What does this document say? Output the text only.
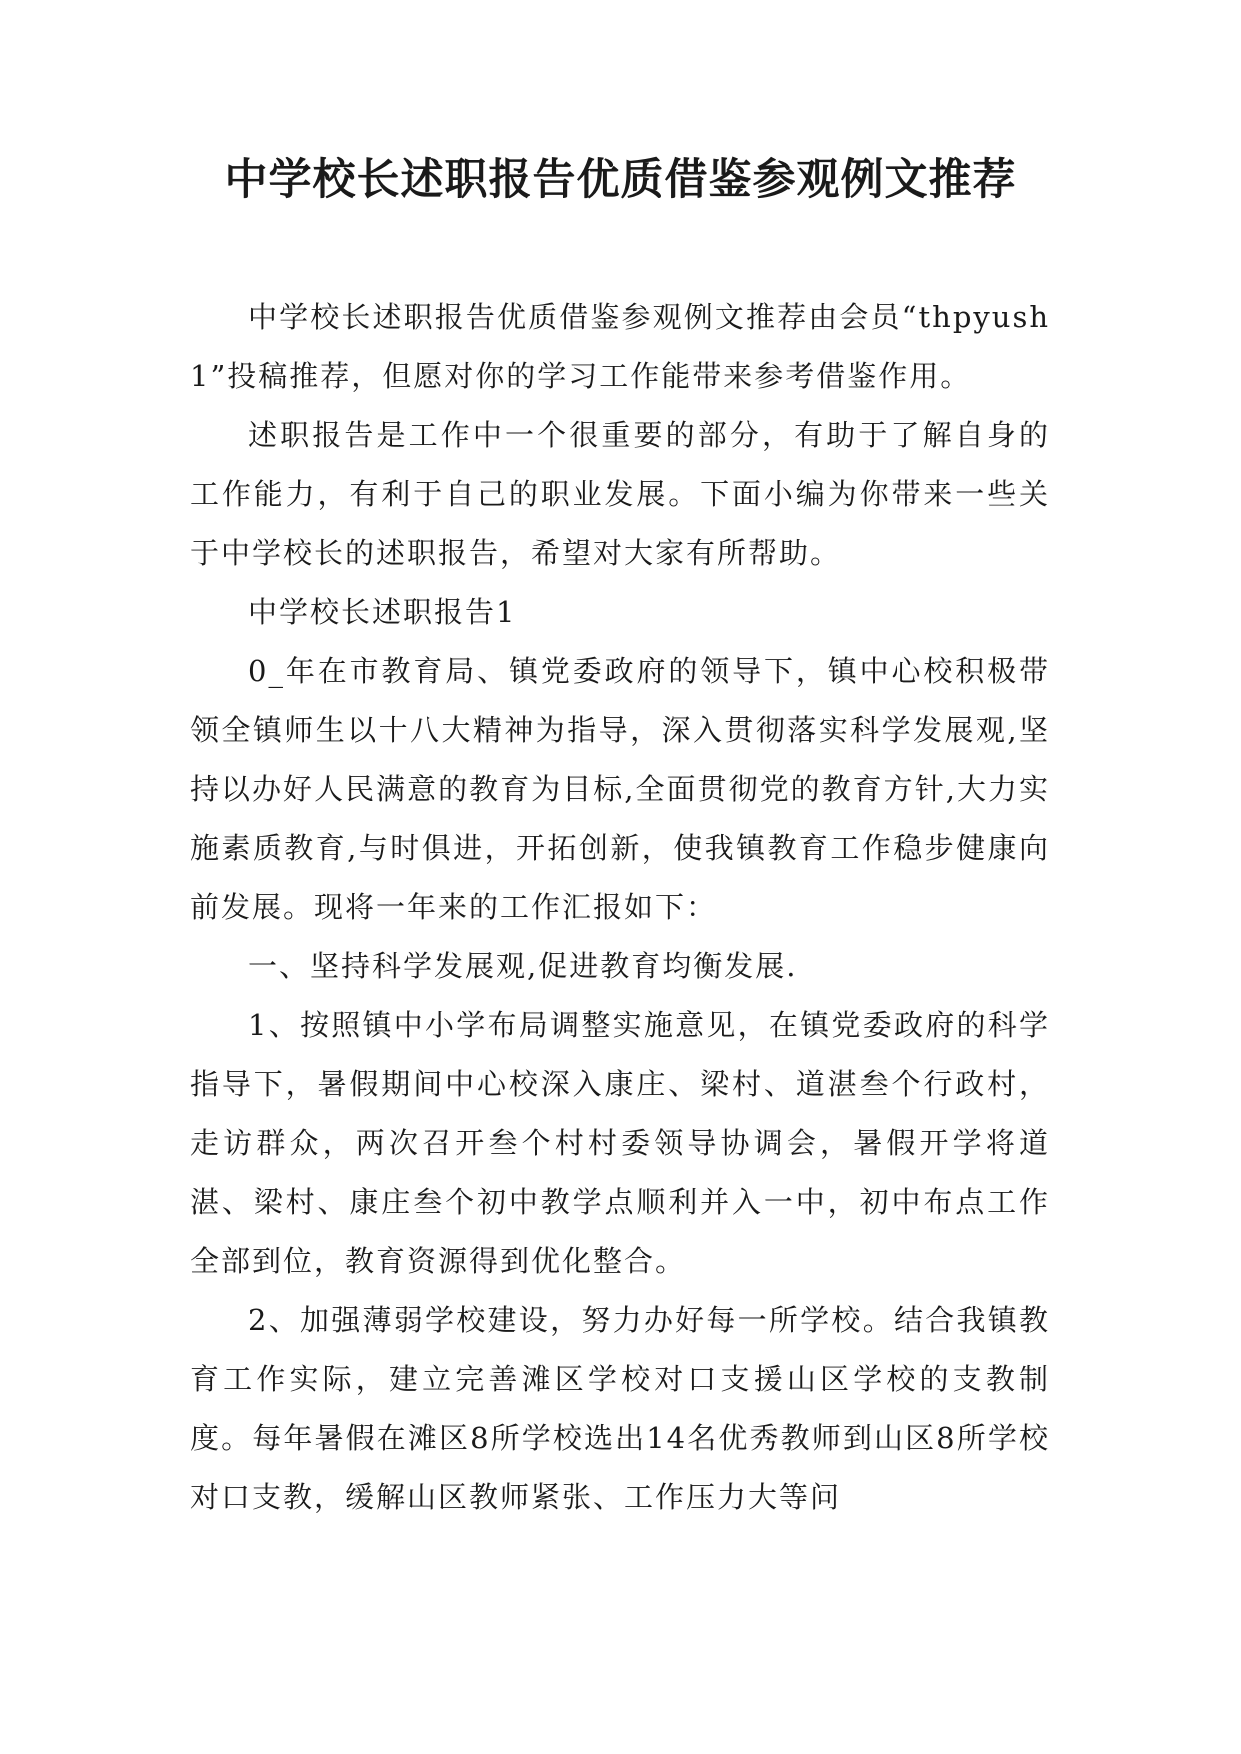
中学校长述职报告优质借鉴参观例文推荐

中学校长述职报告优质借鉴参观例文推荐由会员“thpyush1”投稿推荐，但愿对你的学习工作能带来参考借鉴作用。

述职报告是工作中一个很重要的部分，有助于了解自身的工作能力，有利于自己的职业发展。下面小编为你带来一些关于中学校长的述职报告，希望对大家有所帮助。

中学校长述职报告1

0_年在市教育局、镇党委政府的领导下，镇中心校积极带领全镇师生以十八大精神为指导，深入贯彻落实科学发展观,坚持以办好人民满意的教育为目标,全面贯彻党的教育方针,大力实施素质教育,与时俱进，开拓创新，使我镇教育工作稳步健康向前发展。现将一年来的工作汇报如下：

一、坚持科学发展观,促进教育均衡发展.

1、按照镇中小学布局调整实施意见，在镇党委政府的科学指导下，暑假期间中心校深入康庄、梁村、道湛叁个行政村，走访群众，两次召开叁个村村委领导协调会，暑假开学将道湛、梁村、康庄叁个初中教学点顺利并入一中，初中布点工作全部到位，教育资源得到优化整合。

2、加强薄弱学校建设，努力办好每一所学校。结合我镇教育工作实际，建立完善滩区学校对口支援山区学校的支教制度。每年暑假在滩区8所学校选出14名优秀教师到山区8所学校对口支教，缓解山区教师紧张、工作压力大等问
